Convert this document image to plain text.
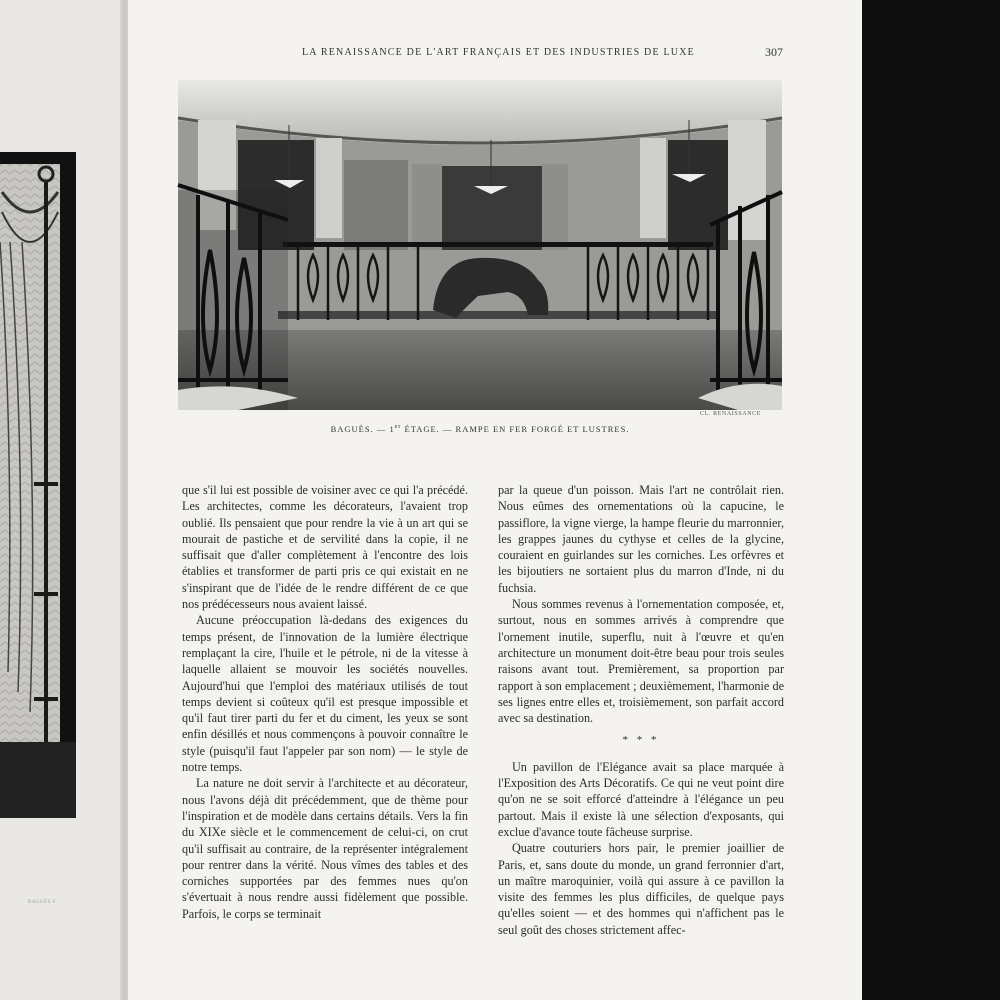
BAGUÈS F.
LA RENAISSANCE DE L'ART FRANÇAIS ET DES INDUSTRIES DE LUXE	307
CL. RENAISSANCE
BAGUÈS. — 1er ÉTAGE. — RAMPE EN FER FORGÉ ET LUSTRES.

que s'il lui est possible de voisiner avec ce qui l'a précédé. Les architectes, comme les décorateurs, l'avaient trop oublié. Ils pensaient que pour rendre la vie à un art qui se mourait de pastiche et de servilité dans la copie, il ne suffisait que d'aller complètement à l'encontre des lois établies et transformer de parti pris ce qui existait en ne s'inspirant que de l'idée de le rendre différent de ce que nos prédécesseurs nous avaient laissé.

Aucune préoccupation là-dedans des exigences du temps présent, de l'innovation de la lumière électrique remplaçant la cire, l'huile et le pétrole, ni de la vitesse à laquelle allaient se mouvoir les sociétés nouvelles. Aujourd'hui que l'emploi des matériaux utilisés de tout temps devient si coûteux qu'il est presque impossible et qu'il faut tirer parti du fer et du ciment, les yeux se sont enfin désillés et nous commençons à pouvoir connaître le style (puisqu'il faut l'appeler par son nom) — le style de notre temps.

La nature ne doit servir à l'architecte et au décorateur, nous l'avons déjà dit précédemment, que de thème pour l'inspiration et de modèle dans certains détails. Vers la fin du XIXe siècle et le commencement de celui-ci, on crut qu'il suffisait au contraire, de la représenter intégralement pour rentrer dans la vérité. Nous vîmes des tables et des corniches supportées par des femmes nues qu'on s'évertuait à nous rendre aussi fidèlement que possible. Parfois, le corps se terminait

par la queue d'un poisson. Mais l'art ne contrôlait rien. Nous eûmes des ornementations où la capucine, le passiflore, la vigne vierge, la hampe fleurie du marronnier, les grappes jaunes du cythyse et celles de la glycine, couraient en guirlandes sur les corniches. Les orfèvres et les bijoutiers ne sortaient plus du marron d'Inde, ni du fuchsia.

Nous sommes revenus à l'ornementation composée, et, surtout, nous en sommes arrivés à comprendre que l'ornement inutile, superflu, nuit à l'œuvre et qu'en architecture un monument doit-être beau pour trois seules raisons avant tout. Premièrement, sa proportion par rapport à son emplacement ; deuxièmement, l'harmonie de ses lignes entre elles et, troisièmement, son parfait accord avec sa destination.

* * *

Un pavillon de l'Elégance avait sa place marquée à l'Exposition des Arts Décoratifs. Ce qui ne veut point dire qu'on ne se soit efforcé d'atteindre à l'élégance un peu partout. Mais il existe là une sélection d'exposants, qui exclue d'avance toute fâcheuse surprise.

Quatre couturiers hors pair, le premier joaillier de Paris, et, sans doute du monde, un grand ferronnier d'art, un maître maroquinier, voilà qui assure à ce pavillon la visite des femmes les plus difficiles, de quelque pays qu'elles soient — et des hommes qui n'affichent pas le seul goût des choses strictement affec-
